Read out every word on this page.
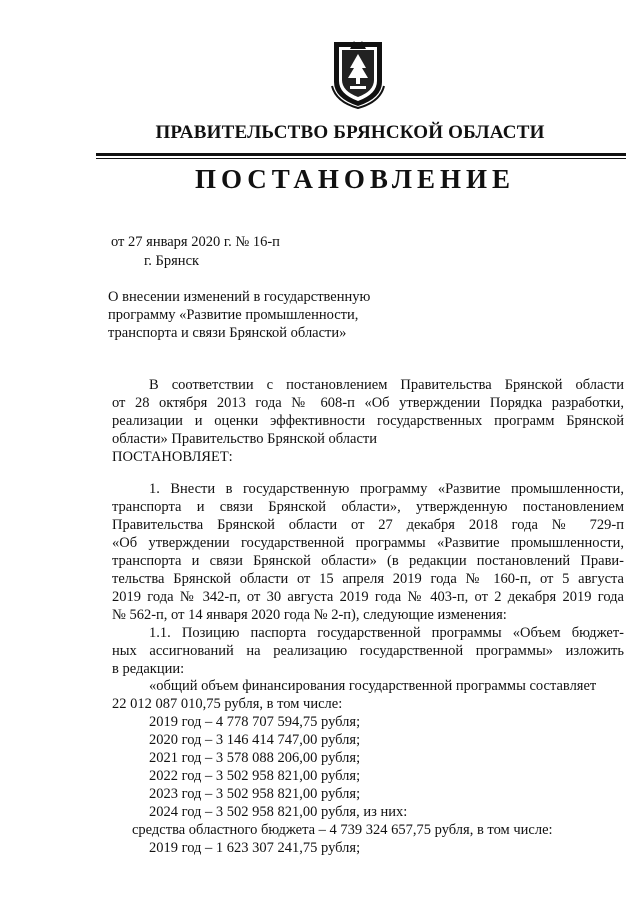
ПРАВИТЕЛЬСТВО БРЯНСКОЙ ОБЛАСТИ
ПОСТАНОВЛЕНИЕ
от 27 января 2020 г. № 16-п
г. Брянск
О внесении изменений в государственную
программу «Развитие промышленности,
транспорта и связи Брянской области»
В соответствии с постановлением Правительства Брянской области
от 28 октября 2013 года № 608-п «Об утверждении Порядка разработки,
реализации и оценки эффективности государственных программ Брянской
области» Правительство Брянской области
ПОСТАНОВЛЯЕТ:
1. Внести в государственную программу «Развитие промышленности,
транспорта и связи Брянской области», утвержденную постановлением
Правительства Брянской области от 27 декабря 2018 года № 729-п
«Об утверждении государственной программы «Развитие промышленности,
транспорта и связи Брянской области» (в редакции постановлений Прави-
тельства Брянской области от 15 апреля 2019 года № 160-п, от 5 августа
2019 года № 342-п, от 30 августа 2019 года № 403-п, от 2 декабря 2019 года
№ 562-п, от 14 января 2020 года № 2-п), следующие изменения:
1.1. Позицию паспорта государственной программы «Объем бюджет-
ных ассигнований на реализацию государственной программы» изложить
в редакции:
«общий объем финансирования государственной программы составляет
22 012 087 010,75 рубля, в том числе:
2019 год – 4 778 707 594,75 рубля;
2020 год – 3 146 414 747,00 рубля;
2021 год – 3 578 088 206,00 рубля;
2022 год – 3 502 958 821,00 рубля;
2023 год – 3 502 958 821,00 рубля;
2024 год – 3 502 958 821,00 рубля, из них:
средства областного бюджета – 4 739 324 657,75 рубля, в том числе:
2019 год – 1 623 307 241,75 рубля;
